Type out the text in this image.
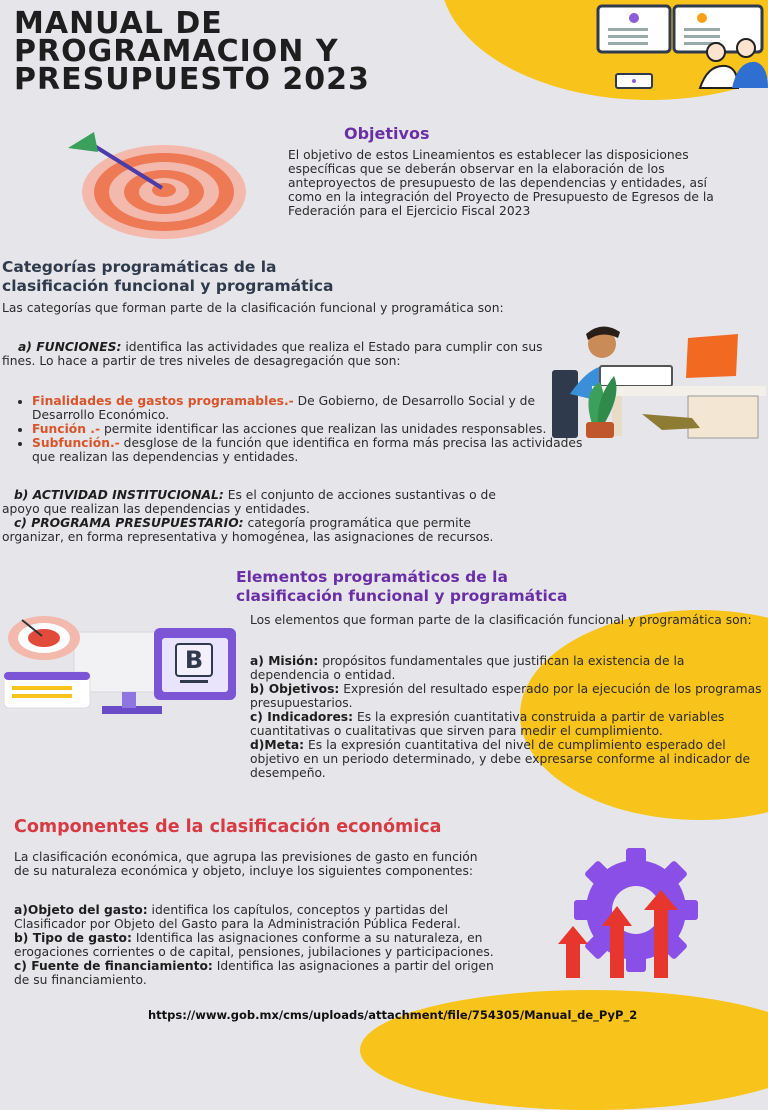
MANUAL DE
PROGRAMACION Y
PRESUPUESTO 2023
Objetivos
El objetivo de estos Lineamientos es establecer las disposiciones específicas que se deberán observar en la elaboración de los anteproyectos de presupuesto de las dependencias y entidades, así como en la integración del Proyecto de Presupuesto de Egresos de la Federación para el Ejercicio Fiscal 2023
Categorías programáticas de la
clasificación funcional y programática
Las categorías que forman parte de la clasificación funcional y programática son:
a) FUNCIONES: identifica las actividades que realiza el Estado para cumplir con sus fines. Lo hace a partir de tres niveles de desagregación que son:
• Finalidades de gastos programables.- De Gobierno, de Desarrollo Social y de Desarrollo Económico.
• Función .- permite identificar las acciones que realizan las unidades responsables.
• Subfunción.- desglose de la función que identifica en forma más precisa las actividades que realizan las dependencias y entidades.
b) ACTIVIDAD INSTITUCIONAL: Es el conjunto de acciones sustantivas o de apoyo que realizan las dependencias y entidades.
c) PROGRAMA PRESUPUESTARIO: categoría programática que permite organizar, en forma representativa y homogénea, las asignaciones de recursos.
Elementos programáticos de la
clasificación funcional y programática
B
Los elementos que forman parte de la clasificación funcional y programática son:
a) Misión: propósitos fundamentales que justifican la existencia de la dependencia o entidad.
b) Objetivos: Expresión del resultado esperado por la ejecución de los programas presupuestarios.
c) Indicadores: Es la expresión cuantitativa construida a partir de variables cuantitativas o cualitativas que sirven para medir el cumplimiento.
d)Meta: Es la expresión cuantitativa del nivel de cumplimiento esperado del objetivo en un periodo determinado, y debe expresarse conforme al indicador de desempeño.
Componentes de la clasificación económica
La clasificación económica, que agrupa las previsiones de gasto en función de su naturaleza económica y objeto, incluye los siguientes componentes:
a)Objeto del gasto: identifica los capítulos, conceptos y partidas del Clasificador por Objeto del Gasto para la Administración Pública Federal.
b) Tipo de gasto: Identifica las asignaciones conforme a su naturaleza, en erogaciones corrientes o de capital, pensiones, jubilaciones y participaciones.
c) Fuente de financiamiento: Identifica las asignaciones a partir del origen de su financiamiento.
https://www.gob.mx/cms/uploads/attachment/file/754305/Manual_de_PyP_2
